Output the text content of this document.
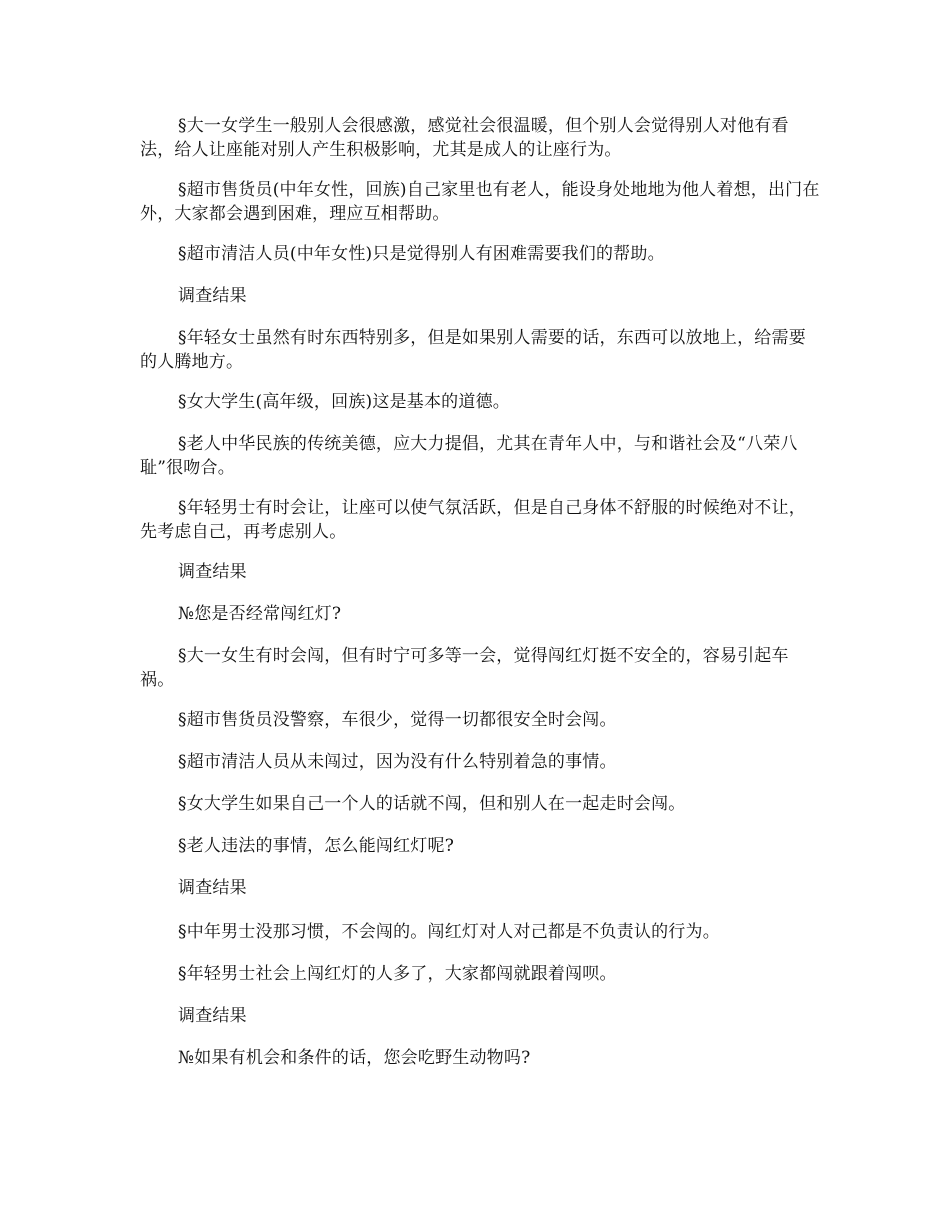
§大一女学生一般别人会很感激，感觉社会很温暖，但个别人会觉得别人对他有看法，给人让座能对别人产生积极影响，尤其是成人的让座行为。

§超市售货员(中年女性，回族)自己家里也有老人，能设身处地地为他人着想，出门在外，大家都会遇到困难，理应互相帮助。

§超市清洁人员(中年女性)只是觉得别人有困难需要我们的帮助。

调查结果

§年轻女士虽然有时东西特别多，但是如果别人需要的话，东西可以放地上，给需要的人腾地方。

§女大学生(高年级，回族)这是基本的道德。

§老人中华民族的传统美德，应大力提倡，尤其在青年人中，与和谐社会及“八荣八耻”很吻合。

§年轻男士有时会让，让座可以使气氛活跃，但是自己身体不舒服的时候绝对不让，先考虑自己，再考虑别人。

调查结果

№您是否经常闯红灯?

§大一女生有时会闯，但有时宁可多等一会，觉得闯红灯挺不安全的，容易引起车祸。

§超市售货员没警察，车很少，觉得一切都很安全时会闯。

§超市清洁人员从未闯过，因为没有什么特别着急的事情。

§女大学生如果自己一个人的话就不闯，但和别人在一起走时会闯。

§老人违法的事情，怎么能闯红灯呢?

调查结果

§中年男士没那习惯，不会闯的。闯红灯对人对己都是不负责认的行为。

§年轻男士社会上闯红灯的人多了，大家都闯就跟着闯呗。

调查结果

№如果有机会和条件的话，您会吃野生动物吗?
